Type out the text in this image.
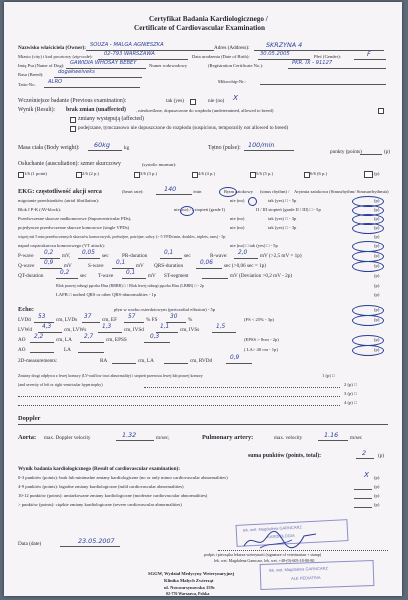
Certyfikat Badania Kardiologicznego /
Certificate of Cardiovascular Examination
Nazwisko właściciela (Owner): SOUZA - MALGA AGNIESZKA	Adres (Address):	SKRZYNA 4
Miasto (city) i kod pocztowy (zip-code): 02-793 WARSZAWA	Data urodzenia (Date of Birth): 30.05.2005	Płeć (Gender):	F
Imię Psa (Name of Dog): GAWIDIA WHOSAY BEBEY	Numer rodowodowy	(Registration Certificate No.):	PKR. IX - 91127
Rasa (Breed):	dogakweiveks
Tatto-No. ALRO	Mikrochip-Nr.:
Wcześniejsze badanie (Previous examination):	tak (yes)	nie (no) X
Wynik (Result): brak zmian (unaffected) , nieokreślone, dopuszczone do rozpłodu (undetermined, allowed to breed)
zmiany występują (affected)
podejrzane, tymczasowo nie dopuszczone do rozpłodu (suspicious, temporarily not allowed to breed)
Masa ciała (Body weight): 60kg	kg	Tętno (pulse): 100/min
punkty (points)	(p)
Osłuchanie (auscultation): szmer skurczowy	(systolic murmur):
1/6 (1 point)	2/6 (2 p.)	3/6 (3 p.)	4/6 (4 p.)	5/6 (5 p.)	6/6 (6 p.)	(p)
EKG: częstotliwość akcji serca	(heart rate):	140	/min	Rytm zatokowy (sinus rhythm) / Arytmia zatokowa (Sinusrhythm/ Sinusarrhythmia)
migotanie przedsionków (atrial fibrillation):	nie (no)	tak (yes) □ - 5p	(p)
Blok I P-K (AV-block):	nie (no) / I stopień (grade I)	II / III stopień (grade II / III) □ - 5p	(p)
Przedwczesne skurcze nadkomorowe (Supraventricular PDs),	nie (no)	tak (yes) □ - 3p	(p)
pojedyncze przedwczesne skurcze komorowe (single VPDs)	nie (no)	tak (yes) □ - 3p	(p)
więcej niż 5 min przedwczesnych skurczów komorowych, podwójne, potrójne, salwy (> 5 VPDs/min, doubles, triplets, runs) - 5p	(p)
napad częstoskurczu komorowego (VT attack):	nie (no) □ tak (yes) □ - 5p	(p)
P-wave 0,2 mV, 0,05 sec	PR-duration	0,1 sec	R-wave: 2,0 mV (>2,5 mV = 1p)	(p)
Q-wave 0,9 mV	S-wave 0,1 mV QRS-duration	0,06 sec (>0,06 sec = 1p)	(p)
QT-duration	0,2 sec T-wave 0,1 mV ST-segment	mV (Deviation >0,2 mV - 2p)	(p)
Blok prawej odnogi pęczka Hisa (RBBB) □ / Blok lewej odnogi pęczka Hisa (LBBB) □ - 2p	(p)
LAFB □ nothed QRS or other QRS-abnormalities - 1p	(p)
Echo:	płyn w worku osierdziowym (pericardial effusion) - 5p	(p)
LVDd 53 cm, LVDs 37 cm, EF 57 % FS 30 %	(FS < 25% - 3p)	(p)
LVWd 4,3 cm, LVWs	1,3 cm, IVSd	1,1 cm, IVSs	1,5
AO 2,2 cm, LA 2,7 cm, EPSS	0,3	(EPSS > 8cm - 2p)	(p)
AO	LA	( LA> 40 cm - 1p)	(p)
2D-measurements:	RA	cm, LA	cm, RVDd	0,9
Zmiany drogi odpływu z lewej komory (LV-outflow tract abnormality) i stopień przerostu lewej lub prawej komory	1 (p) □
(and severity of left or right ventricular hypertrophy)	2 (p) □
3 (p) □
4 (p) □
Doppler
Aorta: max. Doppler velocity	1.32	m/sec;	Pulmonary artery:	max. velocity	1.16 m/sec
suma punktów (points, total):	2 (p)
Wynik badania kardiologicznego (Result of cardiovascular examination):
0-3 punktów (points): brak lub minimalne zmiany kardiologiczne (no or only minor cardiovascular abnormalities)	X (p)
4-9 punktów (points): łagodne zmiany kardiologiczne (mild cardiovascular abnormalities)	(p)
10-12 punktów (points): umiarkowane zmiany kardiologiczne (moderate cardiovascular abnormalities)	(p)
> punktów (points): ciężkie zmiany kardiologiczne (severe cardiovascular abnormalities)	(p)
lek. wet. Magdalena GARNCARZ
KARDIOLOGIA
lek. wet. Magdalena GARNCARZ
ALE PEDIATRIA
Data (date)	23.05.2007
podpis i pieczątka lekarza weterynarii (signature of veterinarian + stamp)
lek. wet. Magdalena Garncarz, lek. wet. +48-(0)-605-18-80-80
SGGW, Wydział Medycyny Weterynaryjnej
Klinika Małych Zwierząt
ul. Nowoursynowska 159c
02-776 Warszawa, Polska
